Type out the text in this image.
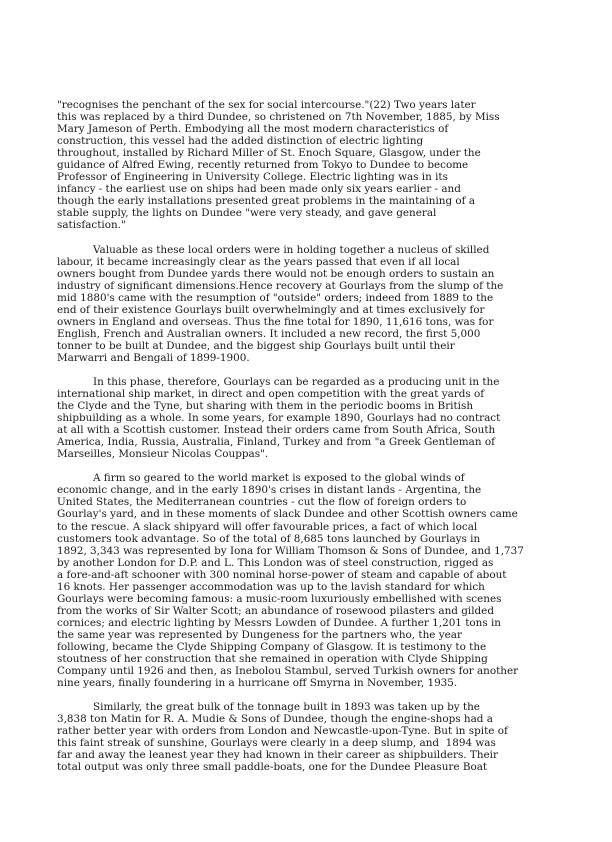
"recognises the penchant of the sex for social intercourse."(22) Two years later
this was replaced by a third Dundee, so christened on 7th November, 1885, by Miss
Mary Jameson of Perth. Embodying all the most modern characteristics of
construction, this vessel had the added distinction of electric lighting
throughout, installed by Richard Miller of St. Enoch Square, Glasgow, under the
guidance of Alfred Ewing, recently returned from Tokyo to Dundee to become
Professor of Engineering in University College. Electric lighting was in its
infancy - the earliest use on ships had been made only six years earlier - and
though the early installations presented great problems in the maintaining of a
stable supply, the lights on Dundee "were very steady, and gave general
satisfaction."
Valuable as these local orders were in holding together a nucleus of skilled
labour, it became increasingly clear as the years passed that even if all local
owners bought from Dundee yards there would not be enough orders to sustain an
industry of significant dimensions.Hence recovery at Gourlays from the slump of the
mid 1880's came with the resumption of "outside" orders; indeed from 1889 to the
end of their existence Gourlays built overwhelmingly and at times exclusively for
owners in England and overseas. Thus the fine total for 1890, 11,616 tons, was for
English, French and Australian owners. It included a new record, the first 5,000
tonner to be built at Dundee, and the biggest ship Gourlays built until their
Marwarri and Bengali of 1899-1900.
In this phase, therefore, Gourlays can be regarded as a producing unit in the
international ship market, in direct and open competition with the great yards of
the Clyde and the Tyne, but sharing with them in the periodic booms in British
shipbuilding as a whole. In some years, for example 1890, Gourlays had no contract
at all with a Scottish customer. Instead their orders came from South Africa, South
America, India, Russia, Australia, Finland, Turkey and from "a Greek Gentleman of
Marseilles, Monsieur Nicolas Couppas".
A firm so geared to the world market is exposed to the global winds of
economic change, and in the early 1890's crises in distant lands - Argentina, the
United States, the Mediterranean countries - cut the flow of foreign orders to
Gourlay's yard, and in these moments of slack Dundee and other Scottish owners came
to the rescue. A slack shipyard will offer favourable prices, a fact of which local
customers took advantage. So of the total of 8,685 tons launched by Gourlays in
1892, 3,343 was represented by Iona for William Thomson & Sons of Dundee, and 1,737
by another London for D.P. and L. This London was of steel construction, rigged as
a fore-and-aft schooner with 300 nominal horse-power of steam and capable of about
16 knots. Her passenger accommodation was up to the lavish standard for which
Gourlays were becoming famous: a music-room luxuriously embellished with scenes
from the works of Sir Walter Scott; an abundance of rosewood pilasters and gilded
cornices; and electric lighting by Messrs Lowden of Dundee. A further 1,201 tons in
the same year was represented by Dungeness for the partners who, the year
following, became the Clyde Shipping Company of Glasgow. It is testimony to the
stoutness of her construction that she remained in operation with Clyde Shipping
Company until 1926 and then, as Inebolou Stambul, served Turkish owners for another
nine years, finally foundering in a hurricane off Smyrna in November, 1935.
Similarly, the great bulk of the tonnage built in 1893 was taken up by the
3,838 ton Matin for R. A. Mudie & Sons of Dundee, though the engine-shops had a
rather better year with orders from London and Newcastle-upon-Tyne. But in spite of
this faint streak of sunshine, Gourlays were clearly in a deep slump, and  1894 was
far and away the leanest year they had known in their career as shipbuilders. Their
total output was only three small paddle-boats, one for the Dundee Pleasure Boat
